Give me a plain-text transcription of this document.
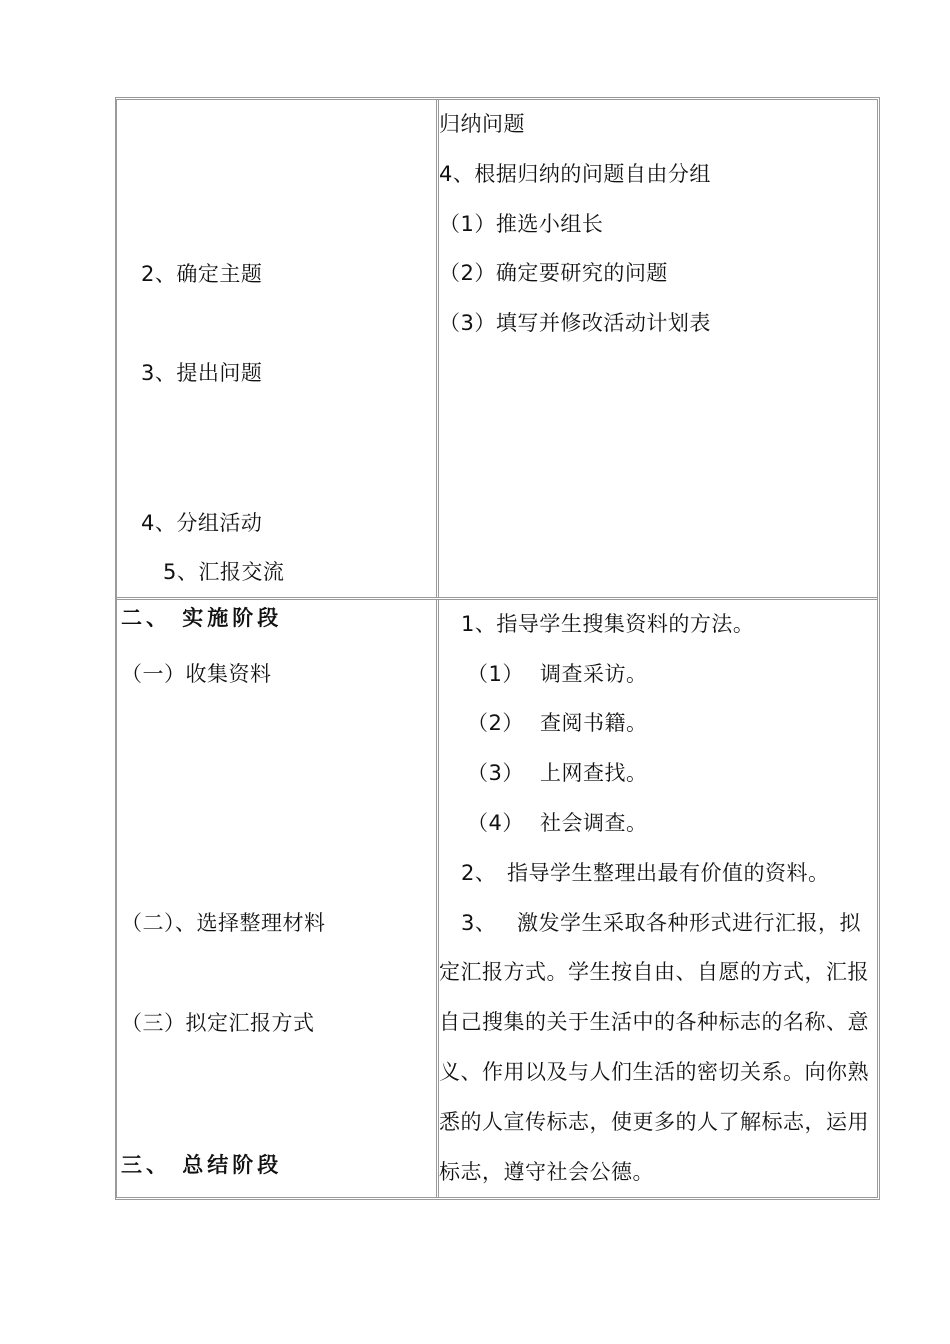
2、确定主题
3、提出问题
4、分组活动
5、汇报交流
归纳问题
4、根据归纳的问题自由分组
（1）推选小组长
（2）确定要研究的问题
（3）填写并修改活动计划表
二、 实施阶段
（一）收集资料
（二）、选择整理材料
（三）拟定汇报方式
三、 总结阶段
1、指导学生搜集资料的方法。
（1） 调查采访。
（2） 查阅书籍。
（3） 上网查找。
（4） 社会调查。
2、 指导学生整理出最有价值的资料。
3、 激发学生采取各种形式进行汇报，拟
定汇报方式。学生按自由、自愿的方式，汇报自己搜集的关于生活中的各种标志的名称、意义、作用以及与人们生活的密切关系。向你熟悉的人宣传标志，使更多的人了解标志，运用标志，遵守社会公德。
